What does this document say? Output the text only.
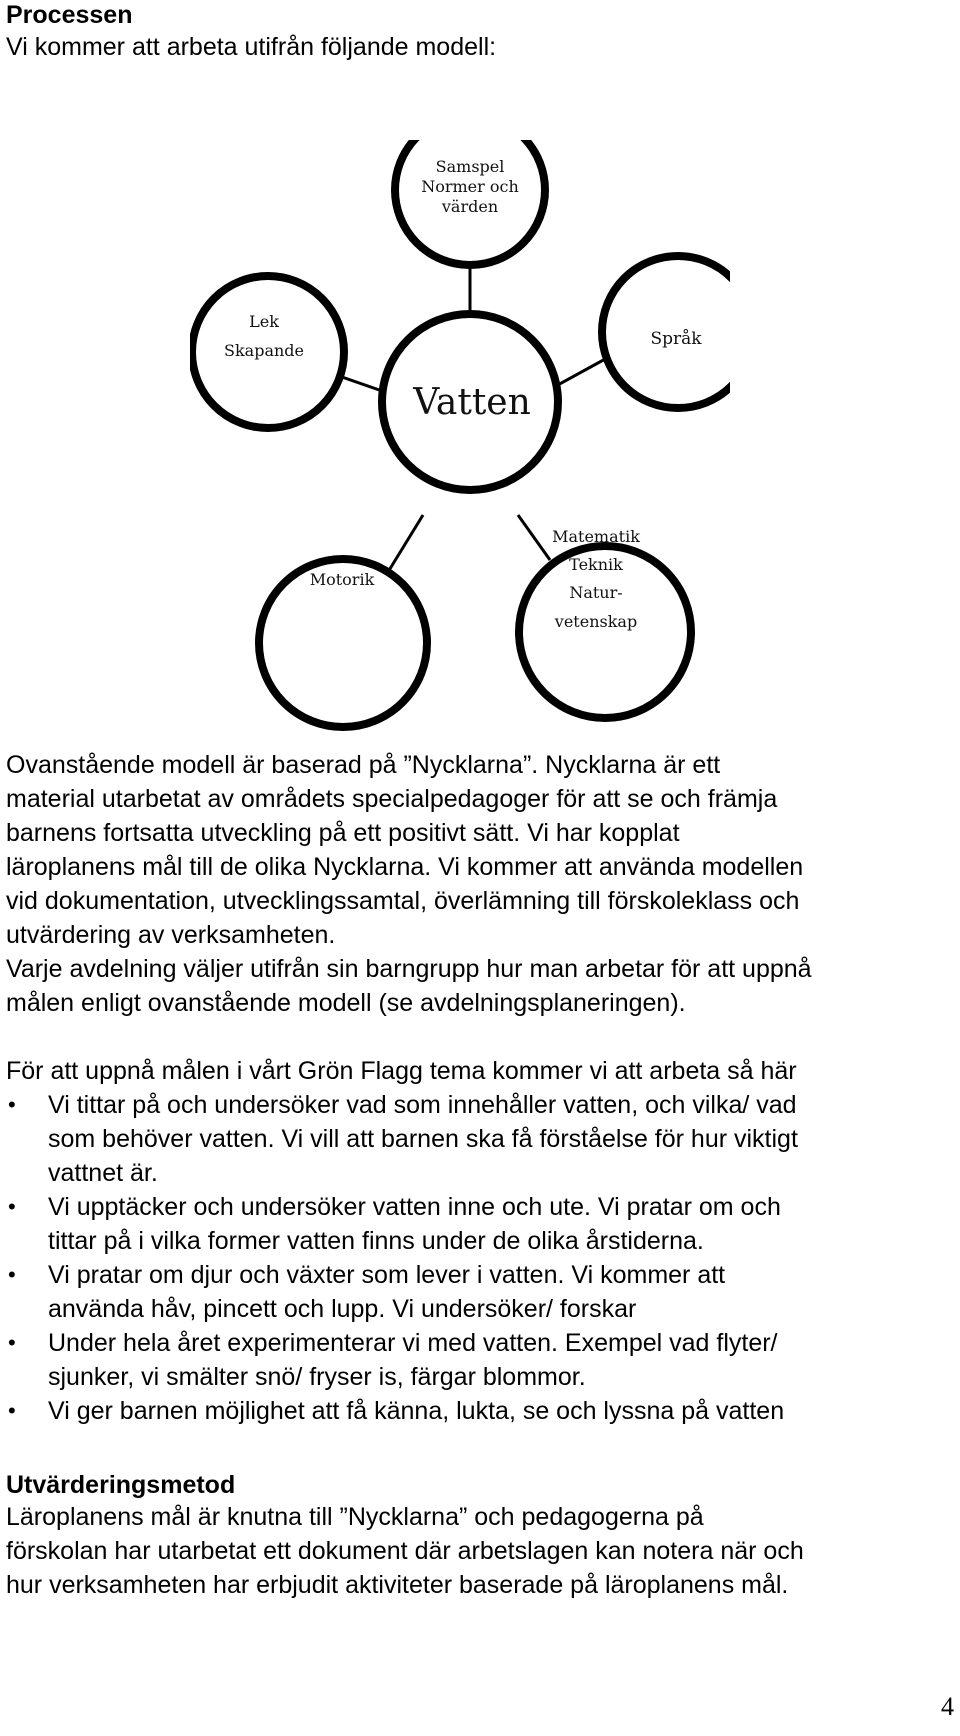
Processen

Vi kommer att arbeta utifrån följande modell:

Samspel
Normer och
värden
Lek
Skapande
Språk
Vatten
Motorik
Matematik
Teknik
Natur-
vetenskap

Ovanstående modell är baserad på ”Nycklarna”. Nycklarna är ett

material utarbetat av områdets specialpedagoger för att se och främja

barnens fortsatta utveckling på ett positivt sätt. Vi har kopplat

läroplanens mål till de olika Nycklarna. Vi kommer att använda modellen

vid dokumentation, utvecklingssamtal, överlämning till förskoleklass och

utvärdering av verksamheten.

Varje avdelning väljer utifrån sin barngrupp hur man arbetar för att uppnå

målen enligt ovanstående modell (se avdelningsplaneringen).

För att uppnå målen i vårt Grön Flagg tema kommer vi att arbeta så här

• Vi tittar på och undersöker vad som innehåller vatten, och vilka/ vad

som behöver vatten. Vi vill att barnen ska få förståelse för hur viktigt

vattnet är.

• Vi upptäcker och undersöker vatten inne och ute. Vi pratar om och

tittar på i vilka former vatten finns under de olika årstiderna.

• Vi pratar om djur och växter som lever i vatten. Vi kommer att

använda håv, pincett och lupp. Vi undersöker/ forskar

• Under hela året experimenterar vi med vatten. Exempel vad flyter/

sjunker, vi smälter snö/ fryser is, färgar blommor.

• Vi ger barnen möjlighet att få känna, lukta, se och lyssna på vatten

Utvärderingsmetod

Läroplanens mål är knutna till ”Nycklarna” och pedagogerna på

förskolan har utarbetat ett dokument där arbetslagen kan notera när och

hur verksamheten har erbjudit aktiviteter baserade på läroplanens mål.

4
